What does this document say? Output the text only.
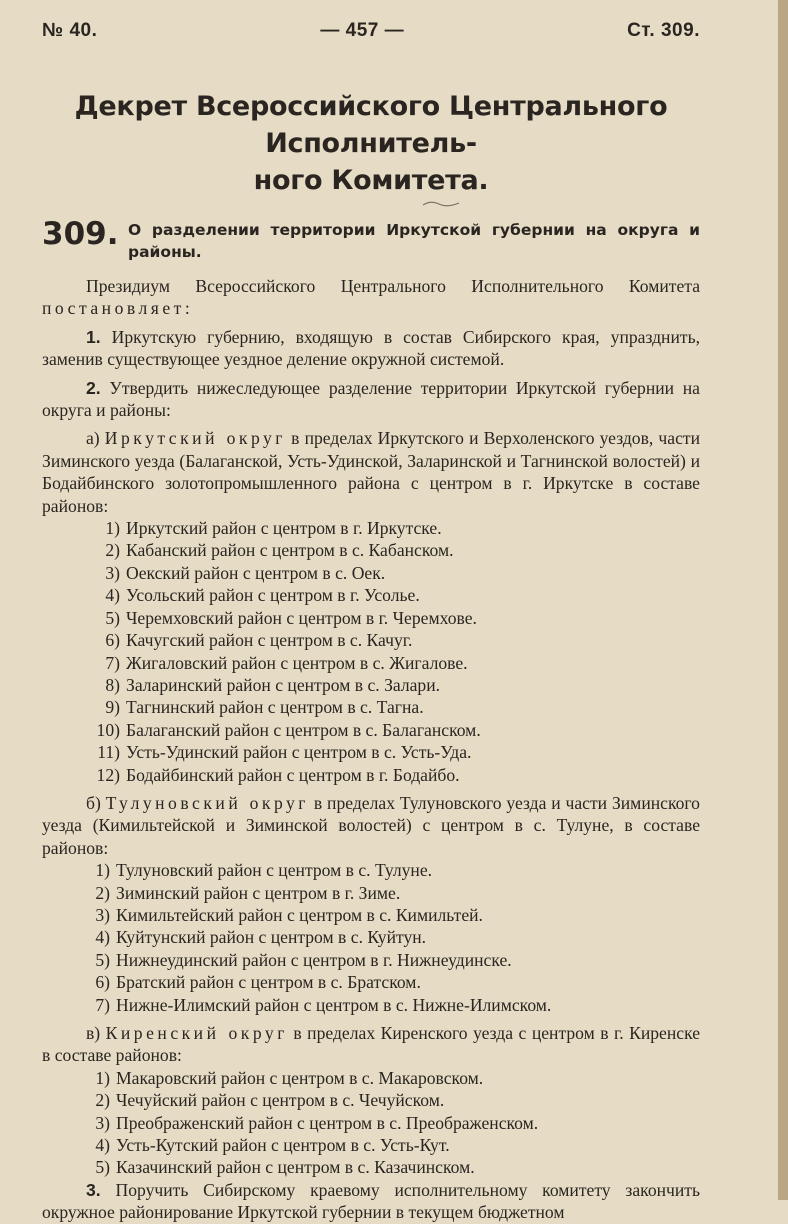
№ 40.	— 457 —	Ст. 309.
Декрет Всероссийского Центрального Исполнитель-
ного Комитета.
309. О разделении территории Иркутской губернии на округа и районы.

Президиум Всероссийского Центрального Исполнительного Комитета постановляет:

1. Иркутскую губернию, входящую в состав Сибирского края, упразднить, заменив существующее уездное деление окружной системой.

2. Утвердить нижеследующее разделение территории Иркутской губернии на округа и районы:

а) Иркутский округ в пределах Иркутского и Верхоленского уездов, части Зиминского уезда (Балаганской, Усть-Удинской, Заларинской и Тагнинской волостей) и Бодайбинского золотопромышленного района с центром в г. Иркутске в составе районов:

1) Иркутский район с центром в г. Иркутске.
2) Кабанский район с центром в с. Кабанском.
3) Оекский район с центром в с. Оек.
4) Усольский район с центром в г. Усолье.
5) Черемховский район с центром в г. Черемхове.
6) Качугский район с центром в с. Качуг.
7) Жигаловский район с центром в с. Жигалове.
8) Заларинский район с центром в с. Залари.
9) Тагнинский район с центром в с. Тагна.
10) Балаганский район с центром в с. Балаганском.
11) Усть-Удинский район с центром в с. Усть-Уда.
12) Бодайбинский район с центром в г. Бодайбо.

б) Тулуновский округ в пределах Тулуновского уезда и части Зиминского уезда (Кимильтейской и Зиминской волостей) с центром в с. Тулуне, в составе районов:

1) Тулуновский район с центром в с. Тулуне.
2) Зиминский район с центром в г. Зиме.
3) Кимильтейский район с центром в с. Кимильтей.
4) Куйтунский район с центром в с. Куйтун.
5) Нижнеудинский район с центром в г. Нижнеудинске.
6) Братский район с центром в с. Братском.
7) Нижне-Илимский район с центром в с. Нижне-Илимском.

в) Киренский округ в пределах Киренского уезда с центром в г. Киренске в составе районов:

1) Макаровский район с центром в с. Макаровском.
2) Чечуйский район с центром в с. Чечуйском.
3) Преображенский район с центром в с. Преображенском.
4) Усть-Кутский район с центром в с. Усть-Кут.
5) Казачинский район с центром в с. Казачинском.

3. Поручить Сибирскому краевому исполнительному комитету закончить окружное районирование Иркутской губернии в текущем бюджетном
